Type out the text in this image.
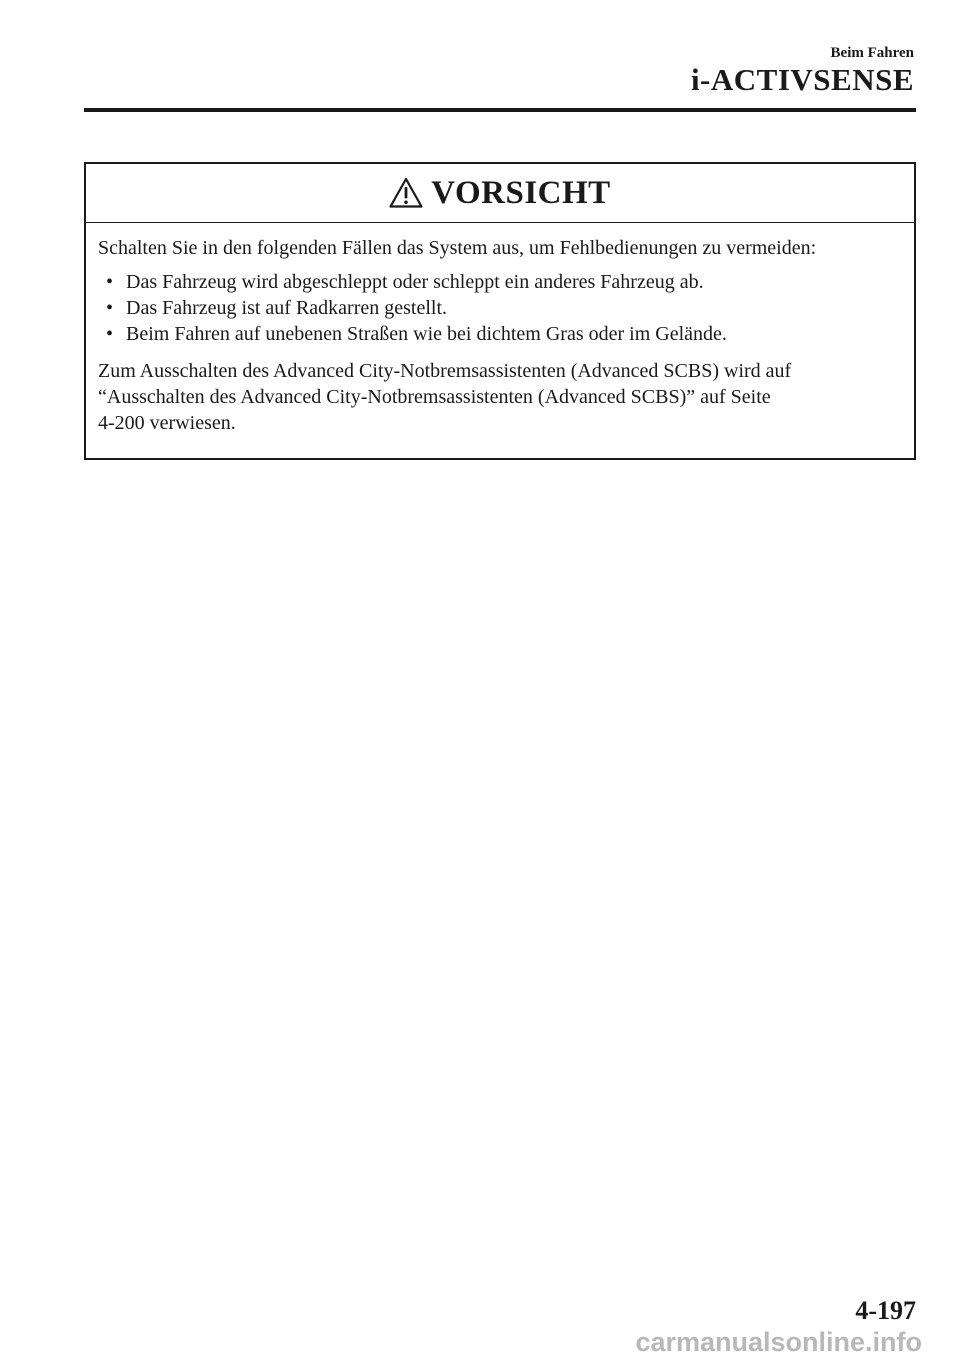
Beim Fahren
i-ACTIVSENSE
VORSICHT

Schalten Sie in den folgenden Fällen das System aus, um Fehlbedienungen zu vermeiden:

• Das Fahrzeug wird abgeschleppt oder schleppt ein anderes Fahrzeug ab.
• Das Fahrzeug ist auf Radkarren gestellt.
• Beim Fahren auf unebenen Straßen wie bei dichtem Gras oder im Gelände.

Zum Ausschalten des Advanced City-Notbremsassistenten (Advanced SCBS) wird auf
“Ausschalten des Advanced City-Notbremsassistenten (Advanced SCBS)” auf Seite
4-200 verwiesen.

4-197
carmanualsonline.info
